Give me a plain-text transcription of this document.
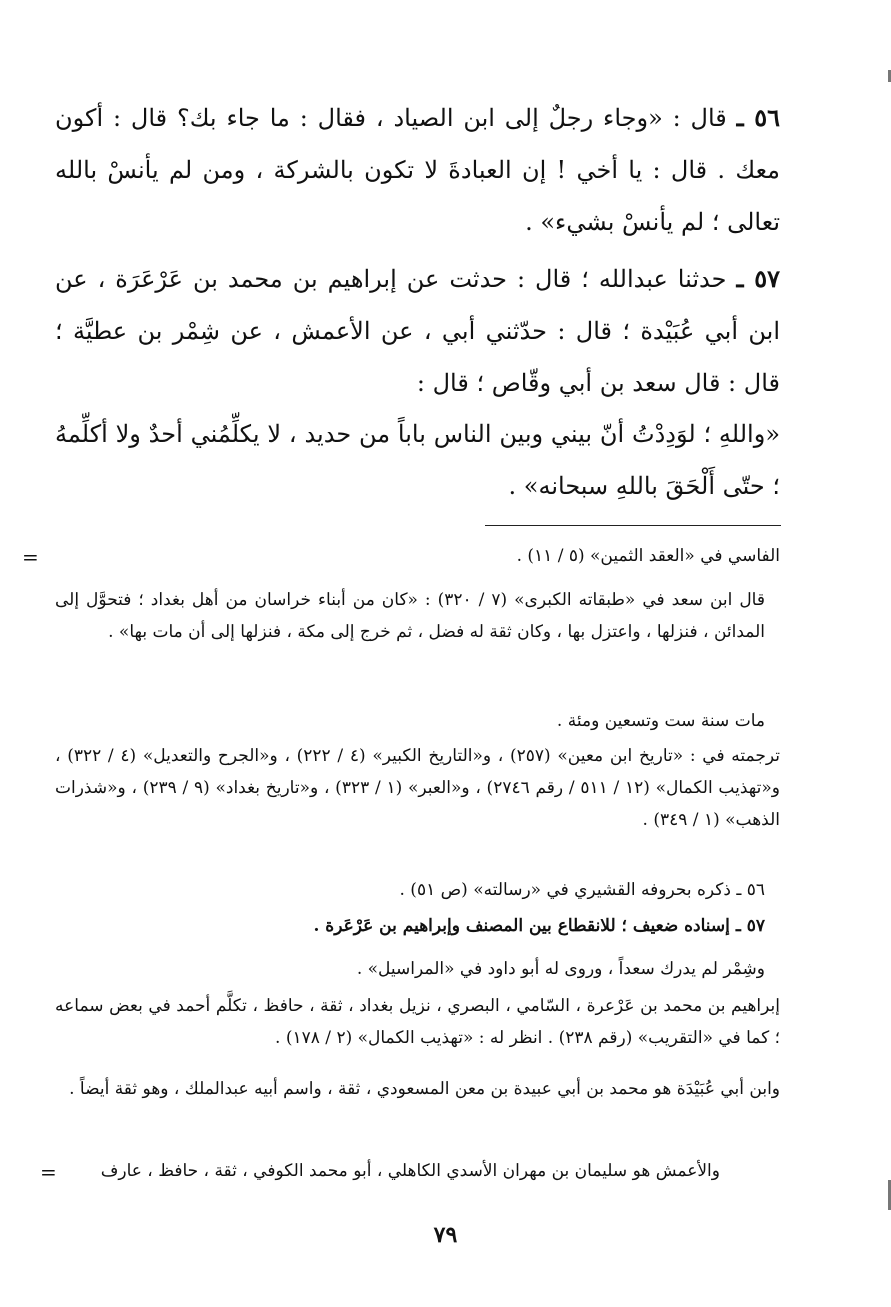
٥٦ ـ قال : «وجاء رجلٌ إلى ابن الصياد ، فقال : ما جاء بك؟ قال : أكون معك . قال : يا أخي ! إن العبادةَ لا تكون بالشركة ، ومن لم يأنسْ بالله تعالى ؛ لم يأنسْ بشيء» .

٥٧ ـ حدثنا عبدالله ؛ قال : حدثت عن إبراهيم بن محمد بن عَرْعَرَة ، عن ابن أبي عُبَيْدة ؛ قال : حدّثني أبي ، عن الأعمش ، عن شِمْر بن عطيَّة ؛ قال : قال سعد بن أبي وقّاص ؛ قال :

«واللهِ ؛ لوَدِدْتُ أنّ بيني وبين الناس باباً من حديد ، لا يكلِّمُني أحدٌ ولا أكلِّمهُ ؛ حتّى أَلْحَقَ باللهِ سبحانه» .

=	الفاسي في «العقد الثمين» (٥ / ١١) .

قال ابن سعد في «طبقاته الكبرى» (٧ / ٣٢٠) : «كان من أبناء خراسان من أهل بغداد ؛ فتحوَّل إلى المدائن ، فنزلها ، واعتزل بها ، وكان ثقة له فضل ، ثم خرج إلى مكة ، فنزلها إلى أن مات بها» .

مات سنة ست وتسعين ومئة .

ترجمته في : «تاريخ ابن معين» (٢٥٧) ، و«التاريخ الكبير» (٤ / ٢٢٢) ، و«الجرح والتعديل» (٤ / ٣٢٢) ، و«تهذيب الكمال» (١٢ / ٥١١ / رقم ٢٧٤٦) ، و«العبر» (١ / ٣٢٣) ، و«تاريخ بغداد» (٩ / ٢٣٩) ، و«شذرات الذهب» (١ / ٣٤٩) .

٥٦ ـ ذكره بحروفه القشيري في «رسالته» (ص ٥١) .

٥٧ ـ إسناده ضعيف ؛ للانقطاع بين المصنف وإبراهيم بن عَرْعَرة .

وشِمْر لم يدرك سعداً ، وروى له أبو داود في «المراسيل» .

إبراهيم بن محمد بن عَرْعرة ، السّامي ، البصري ، نزيل بغداد ، ثقة ، حافظ ، تكلَّم أحمد في بعض سماعه ؛ كما في «التقريب» (رقم ٢٣٨) . انظر له : «تهذيب الكمال» (٢ / ١٧٨) .

وابن أبي عُبَيْدَة هو محمد بن أبي عبيدة بن معن المسعودي ، ثقة ، واسم أبيه عبدالملك ، وهو ثقة أيضاً .

والأعمش هو سليمان بن مهران الأسدي الكاهلي ، أبو محمد الكوفي ، ثقة ، حافظ ، عارف

=
٧٩
